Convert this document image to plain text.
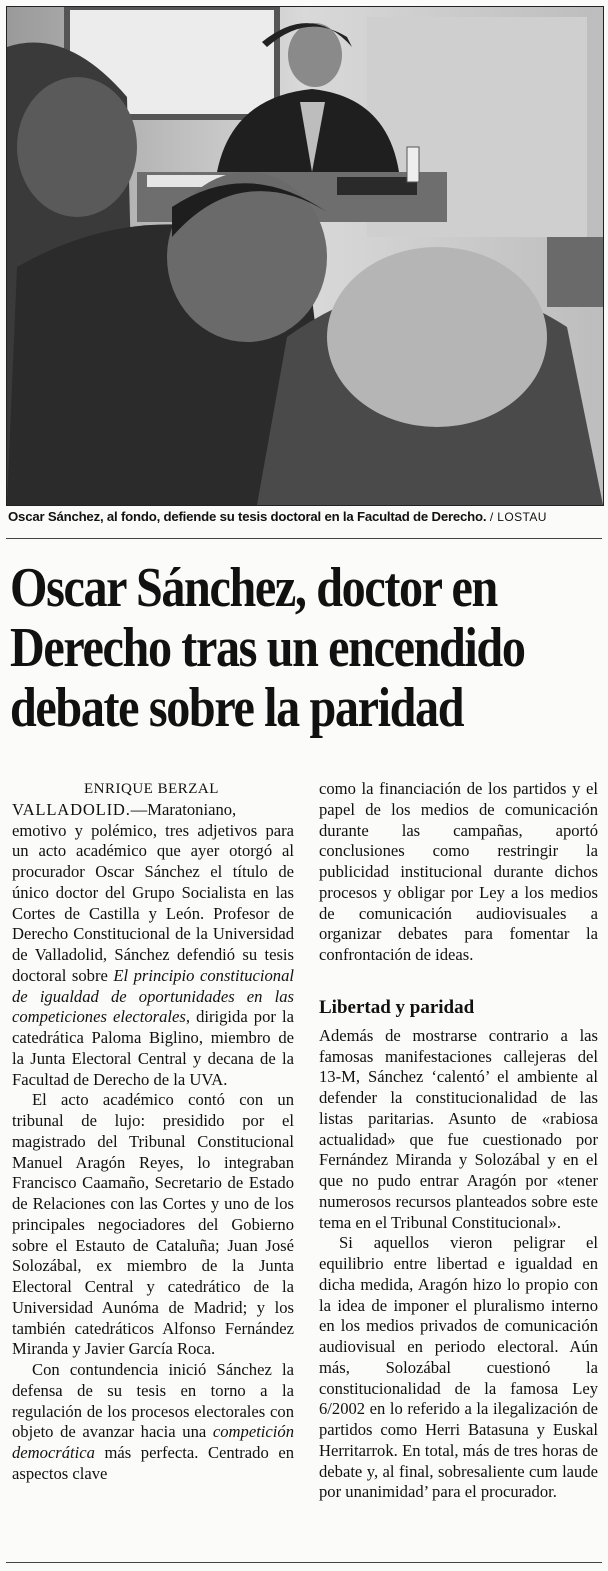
Oscar Sánchez, al fondo, defiende su tesis doctoral en la Facultad de Derecho. / LOSTAU
Oscar Sánchez, doctor en
Derecho tras un encendido
debate sobre la paridad
ENRIQUE BERZAL

VALLADOLID.—Maratoniano, emotivo y polémico, tres adjetivos para un acto académico que ayer otorgó al procurador Oscar Sánchez el título de único doctor del Grupo Socialista en las Cortes de Castilla y León. Profesor de Derecho Constitucional de la Universidad de Valladolid, Sánchez defendió su tesis doctoral sobre El principio constitucional de igualdad de oportunidades en las competiciones electorales, dirigida por la catedrática Paloma Biglino, miembro de la Junta Electoral Central y decana de la Facultad de Derecho de la UVA.

El acto académico contó con un tribunal de lujo: presidido por el magistrado del Tribunal Constitucional Manuel Aragón Reyes, lo integraban Francisco Caamaño, Secretario de Estado de Relaciones con las Cortes y uno de los principales negociadores del Gobierno sobre el Estauto de Cataluña; Juan José Solozábal, ex miembro de la Junta Electoral Central y catedrático de la Universidad Aunóma de Madrid; y los también catedráticos Alfonso Fernández Miranda y Javier García Roca.

Con contundencia inició Sánchez la defensa de su tesis en torno a la regulación de los procesos electorales con objeto de avanzar hacia una competición democrática más perfecta. Centrado en aspectos clave

como la financiación de los partidos y el papel de los medios de comunicación durante las campañas, aportó conclusiones como restringir la publicidad institucional durante dichos procesos y obligar por Ley a los medios de comunicación audiovisuales a organizar debates para fomentar la confrontación de ideas.

Libertad y paridad

Además de mostrarse contrario a las famosas manifestaciones callejeras del 13-M, Sánchez ‘calentó’ el ambiente al defender la constitucionalidad de las listas paritarias. Asunto de «rabiosa actualidad» que fue cuestionado por Fernández Miranda y Solozábal y en el que no pudo entrar Aragón por «tener numerosos recursos planteados sobre este tema en el Tribunal Constitucional».

Si aquellos vieron peligrar el equilibrio entre libertad e igualdad en dicha medida, Aragón hizo lo propio con la idea de imponer el pluralismo interno en los medios privados de comunicación audiovisual en periodo electoral. Aún más, Solozábal cuestionó la constitucionalidad de la famosa Ley 6/2002 en lo referido a la ilegalización de partidos como Herri Batasuna y Euskal Herritarrok. En total, más de tres horas de debate y, al final, sobresaliente cum laude por unanimidad’ para el procurador.
